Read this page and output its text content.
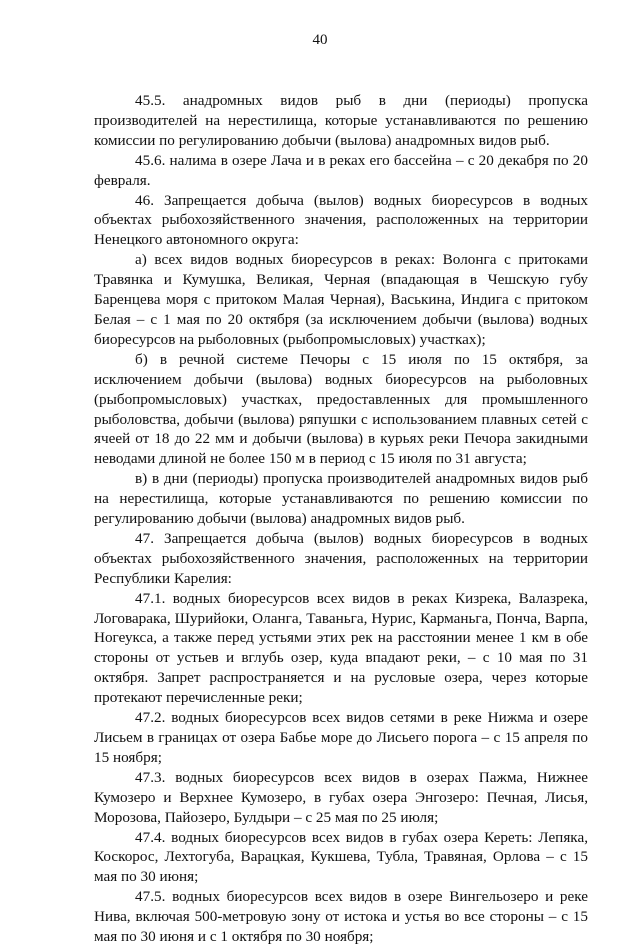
40

45.5. анадромных видов рыб в дни (периоды) пропуска производителей на нерестилища, которые устанавливаются по решению комиссии по регулированию добычи (вылова) анадромных видов рыб.

45.6. налима в озере Лача и в реках его бассейна – с 20 декабря по 20 февраля.

46. Запрещается добыча (вылов) водных биоресурсов в водных объектах рыбохозяйственного значения, расположенных на территории Ненецкого автономного округа:

а) всех видов водных биоресурсов в реках: Волонга с притоками Травянка и Кумушка, Великая, Черная (впадающая в Чешскую губу Баренцева моря с притоком Малая Черная), Васькина, Индига с притоком Белая – с 1 мая по 20 октября (за исключением добычи (вылова) водных биоресурсов на рыболовных (рыбопромысловых) участках);

б) в речной системе Печоры с 15 июля по 15 октября, за исключением добычи (вылова) водных биоресурсов на рыболовных (рыбопромысловых) участках, предоставленных для промышленного рыболовства, добычи (вылова) ряпушки с использованием плавных сетей с ячеей от 18 до 22 мм и добычи (вылова) в курьях реки Печора закидными неводами длиной не более 150 м в период с 15 июля по 31 августа;

в) в дни (периоды) пропуска производителей анадромных видов рыб на нерестилища, которые устанавливаются по решению комиссии по регулированию добычи (вылова) анадромных видов рыб.

47. Запрещается добыча (вылов) водных биоресурсов в водных объектах рыбохозяйственного значения, расположенных на территории Республики Карелия:

47.1. водных биоресурсов всех видов в реках Кизрека, Валазрека, Логоварака, Шурийоки, Оланга, Таваньга, Нурис, Карманьга, Пончa, Варпа, Ногеукса, а также перед устьями этих рек на расстоянии менее 1 км в обе стороны от устьев и вглубь озер, куда впадают реки, – с 10 мая по 31 октября. Запрет распространяется и на русловые озера, через которые протекают перечисленные реки;

47.2. водных биоресурсов всех видов сетями в реке Нижма и озере Лисьем в границах от озера Бабье море до Лисьего порога – с 15 апреля по 15 ноября;

47.3. водных биоресурсов всех видов в озерах Пажма, Нижнее Кумозеро и Верхнее Кумозеро, в губах озера Энгозеро: Печная, Лисья, Морозова, Пайозеро, Булдыри – с 25 мая по 25 июля;

47.4. водных биоресурсов всех видов в губах озера Кереть: Лепяка, Коскорос, Лехтогуба, Варацкая, Кукшева, Тубла, Травяная, Орлова – с 15 мая по 30 июня;

47.5. водных биоресурсов всех видов в озере Вингельозеро и реке Нива, включая 500-метровую зону от истока и устья во все стороны – с 15 мая по 30 июня и с 1 октября по 30 ноября;
